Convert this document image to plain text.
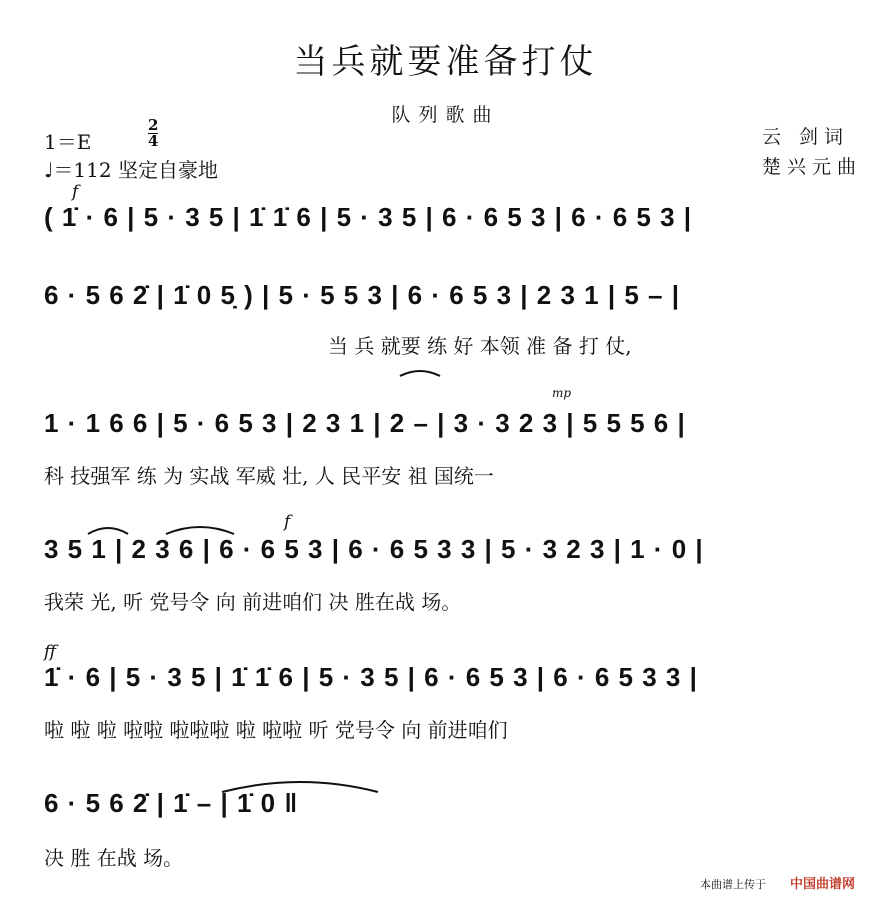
当兵就要准备打仗
队列歌曲
1＝E
2
4
♩＝112 坚定自豪地
云 剑词
楚兴元曲
f
( 1̇ · 6 | 5 · 3 5 | 1̇ 1̇ 6 | 5 · 3 5 | 6 · 6 5 3 | 6 · 6 5 3 |
6 · 5 6 2̇ | 1̇ 0 5̣ ) | 5 · 5 5 3 | 6 · 6 5 3 | 2 3 1 | 5 – |
当 兵 就要 练 好 本领 准 备 打 仗,
mp
1 · 1 6 6 | 5 · 6 5 3 | 2 3 1 | 2 – | 3 · 3 2 3 | 5 5 5 6 |
科 技强军 练 为 实战 军威 壮, 人 民平安 祖 国统一
f
3 5 1 | 2 3 6 | 6 · 6 5 3 | 6 · 6 5 3 3 | 5 · 3 2 3 | 1 · 0 |
我荣 光, 听 党号令 向 前进咱们 决 胜在战 场。
ff
1̇ · 6 | 5 · 3 5 | 1̇ 1̇ 6 | 5 · 3 5 | 6 · 6 5 3 | 6 · 6 5 3 3 |
啦 啦 啦 啦啦 啦啦啦 啦 啦啦 听 党号令 向 前进咱们
6 · 5 6 2̇ | 1̇ – | 1̇ 0 ‖
决 胜 在战 场。
本曲谱上传于 中国曲谱网
